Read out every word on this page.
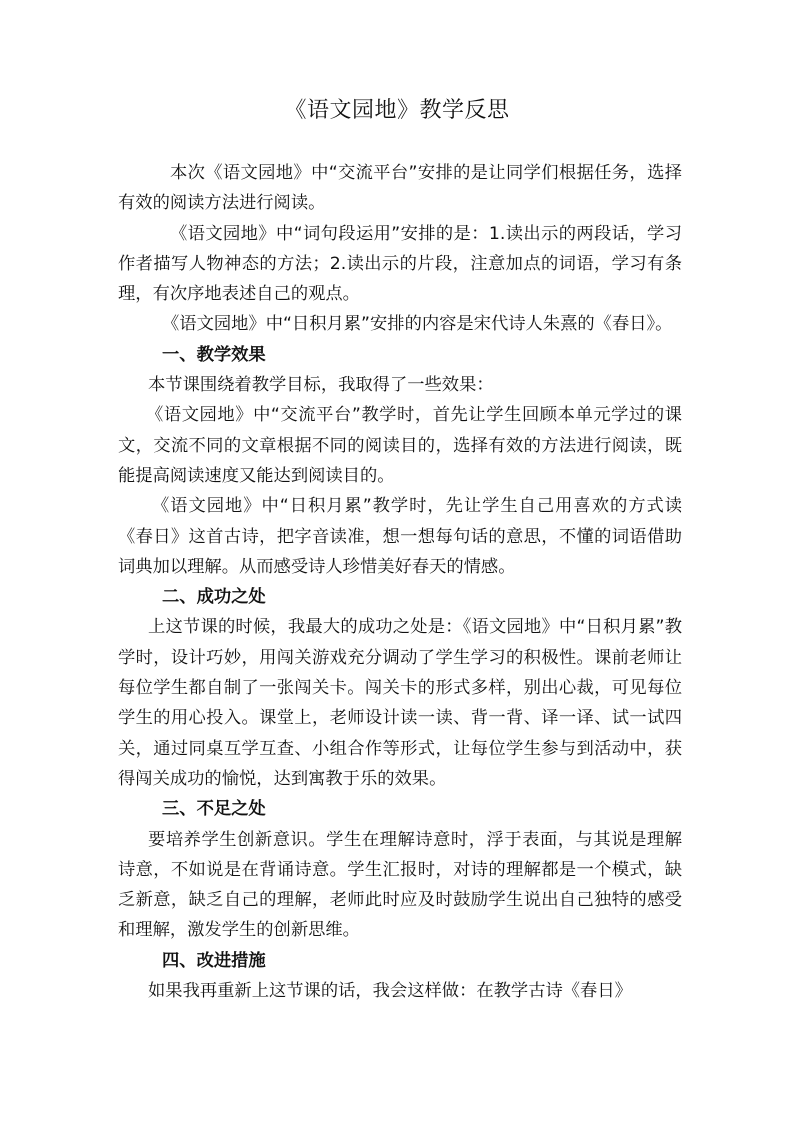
《语文园地》教学反思

本次《语文园地》中“交流平台”安排的是让同学们根据任务，选择有效的阅读方法进行阅读。

《语文园地》中“词句段运用”安排的是：1.读出示的两段话，学习作者描写人物神态的方法；2.读出示的片段，注意加点的词语，学习有条理，有次序地表述自己的观点。

《语文园地》中“日积月累”安排的内容是宋代诗人朱熹的《春日》。

一、教学效果

本节课围绕着教学目标，我取得了一些效果：

《语文园地》中“交流平台”教学时，首先让学生回顾本单元学过的课文，交流不同的文章根据不同的阅读目的，选择有效的方法进行阅读，既能提高阅读速度又能达到阅读目的。

《语文园地》中“日积月累”教学时，先让学生自己用喜欢的方式读《春日》这首古诗，把字音读准，想一想每句话的意思，不懂的词语借助词典加以理解。从而感受诗人珍惜美好春天的情感。

二、成功之处

上这节课的时候，我最大的成功之处是：《语文园地》中“日积月累”教学时，设计巧妙，用闯关游戏充分调动了学生学习的积极性。课前老师让每位学生都自制了一张闯关卡。闯关卡的形式多样，别出心裁，可见每位学生的用心投入。课堂上，老师设计读一读、背一背、译一译、试一试四关，通过同桌互学互查、小组合作等形式，让每位学生参与到活动中，获得闯关成功的愉悦，达到寓教于乐的效果。

三、不足之处

要培养学生创新意识。学生在理解诗意时，浮于表面，与其说是理解诗意，不如说是在背诵诗意。学生汇报时，对诗的理解都是一个模式，缺乏新意，缺乏自己的理解，老师此时应及时鼓励学生说出自己独特的感受和理解，激发学生的创新思维。

四、改进措施

如果我再重新上这节课的话，我会这样做：在教学古诗《春日》
